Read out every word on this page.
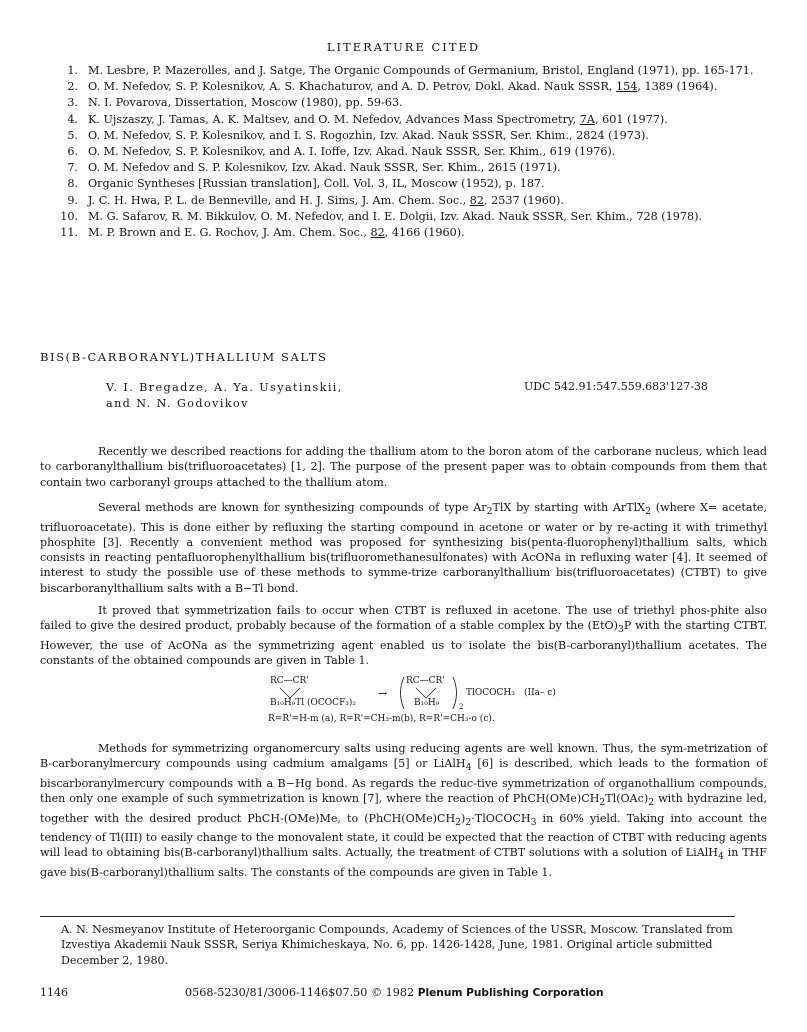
LITERATURE CITED
1. M. Lesbre, P. Mazerolles, and J. Satge, The Organic Compounds of Germanium, Bristol, England (1971), pp. 165-171.
2. O. M. Nefedov, S. P. Kolesnikov, A. S. Khachaturov, and A. D. Petrov, Dokl. Akad. Nauk SSSR, 154, 1389 (1964).
3. N. I. Povarova, Dissertation, Moscow (1980), pp. 59-63.
4. K. Ujszaszy, J. Tamas, A. K. Maltsev, and O. M. Nefedov, Advances Mass Spectrometry, 7A, 601 (1977).
5. O. M. Nefedov, S. P. Kolesnikov, and I. S. Rogozhin, Izv. Akad. Nauk SSSR, Ser. Khim., 2824 (1973).
6. O. M. Nefedov, S. P. Kolesnikov, and A. I. Ioffe, Izv. Akad. Nauk SSSR, Ser. Khim., 619 (1976).
7. O. M. Nefedov and S. P. Kolesnikov, Izv. Akad. Nauk SSSR, Ser. Khim., 2615 (1971).
8. Organic Syntheses [Russian translation], Coll. Vol. 3, IL, Moscow (1952), p. 187.
9. J. C. H. Hwa, P. L. de Benneville, and H. J. Sims, J. Am. Chem. Soc., 82, 2537 (1960).
10. M. G. Safarov, R. M. Bikkulov, O. M. Nefedov, and I. E. Dolgii, Izv. Akad. Nauk SSSR, Ser. Khim., 728 (1978).
11. M. P. Brown and E. G. Rochov, J. Am. Chem. Soc., 82, 4166 (1960).
BIS(B-CARBORANYL)THALLIUM SALTS
V. I. Bregadze, A. Ya. Usyatinskii,
and N. N. Godovikov
UDC 542.91:547.559.683'127-38

Recently we described reactions for adding the thallium atom to the boron atom of the carborane nucleus, which lead to carboranylthallium bis(trifluoroacetates) [1, 2]. The purpose of the present paper was to obtain compounds from them that contain two carboranyl groups attached to the thallium atom.

Several methods are known for synthesizing compounds of type $Ar_2TlX$ by starting with ArTlX$_2$ (where X= acetate, trifluoroacetate). This is done either by refluxing the starting compound in acetone or water or by re-acting it with trimethyl phosphite [3]. Recently a convenient method was proposed for synthesizing bis(penta-fluorophenyl)thallium salts, which consists in reacting pentafluorophenylthallium bis(trifluoromethanesulfonates) with AcONa in refluxing water [4]. It seemed of interest to study the possible use of these methods to symme-trize carboranylthallium bis(trifluoroacetates) (CTBT) to give biscarboranylthallium salts with a B−Tl bond.

It proved that symmetrization fails to occur when CTBT is refluxed in acetone. The use of triethyl phos-phite also failed to give the desired product, probably because of the formation of a stable complex by the $(EtO)_3P$ with the starting CTBT. However, the use of AcONa as the symmetrizing agent enabled us to isolate the bis(B-carboranyl)thallium acetates. The constants of the obtained compounds are given in Table 1.

RC—CR'
B₁₀H₉Tl (OCOCF₃)₂
→
RC—CR'
B₁₀H₉	2
TlOCOCH₃ (IIa– c)
R=R'=H-m (a), R=R'=CH₃-m(b), R=R'=CH₃-o (c).

Methods for symmetrizing organomercury salts using reducing agents are well known. Thus, the sym-metrization of B-carboranylmercury compounds using cadmium amalgams [5] or LiAlH$_4$ [6] is described, which leads to the formation of biscarboranylmercury compounds with a B−Hg bond. As regards the reduc-tive symmetrization of organothallium compounds, then only one example of such symmetrization is known [7], where the reaction of $PhCH(OMe)CH_2Tl(OAc)_2$ with hydrazine led, together with the desired product PhCH-(OMe)Me, to $(PhCH(OMe)CH_2)_2\cdot TlOCOCH_3$ in 60% yield. Taking into account the tendency of Tl(III) to easily change to the monovalent state, it could be expected that the reaction of CTBT with reducing agents will lead to obtaining bis(B-carboranyl)thallium salts. Actually, the treatment of CTBT solutions with a solution of LiAlH$_4$ in THF gave bis(B-carboranyl)thallium salts. The constants of the compounds are given in Table 1.

A. N. Nesmeyanov Institute of Heteroorganic Compounds, Academy of Sciences of the USSR, Moscow. Translated from Izvestiya Akademii Nauk SSSR, Seriya Khimicheskaya, No. 6, pp. 1426-1428, June, 1981. Original article submitted December 2, 1980.
1146	0568-5230/81/3006-1146$07.50 © 1982 Plenum Publishing Corporation
